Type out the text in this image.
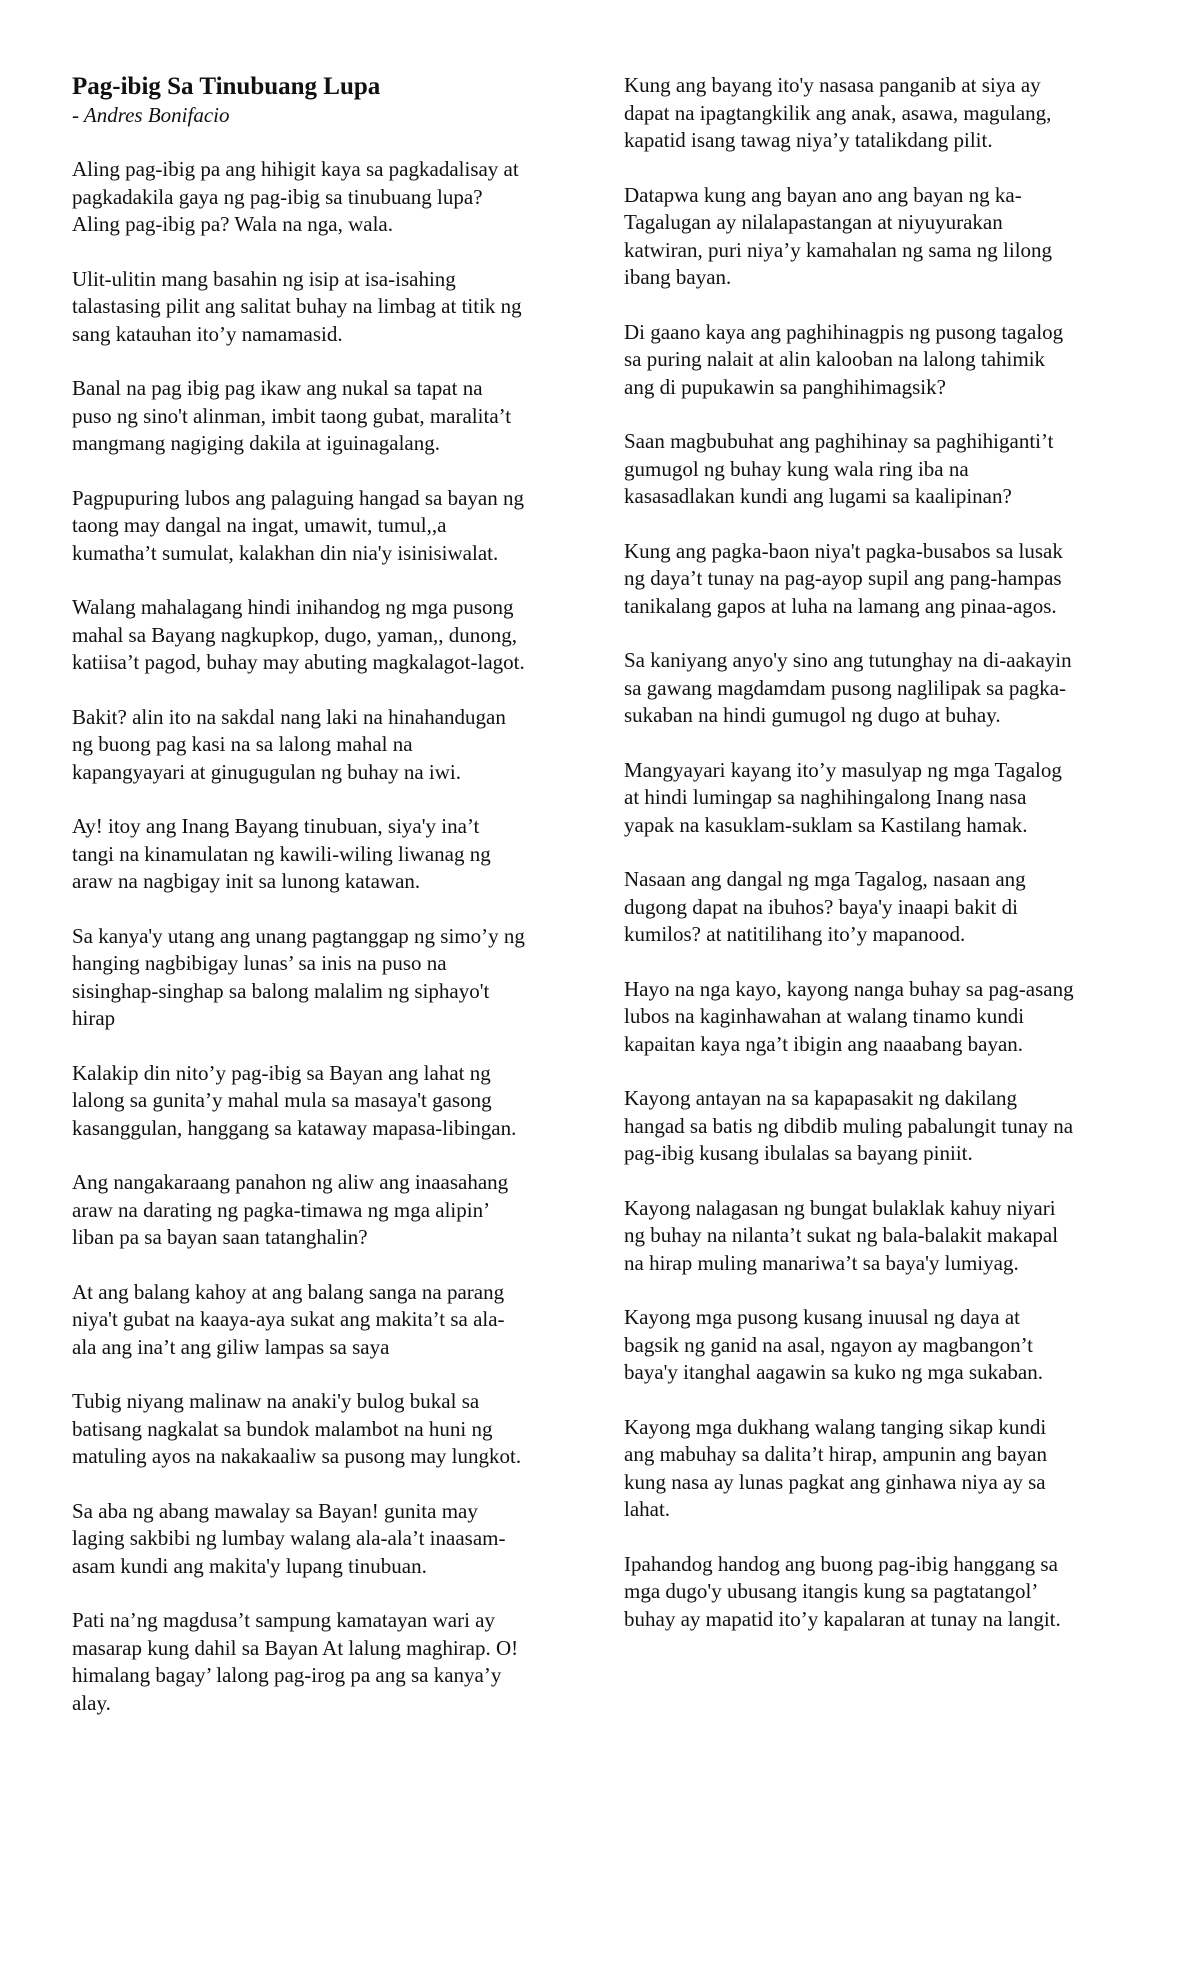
Pag-ibig Sa Tinubuang Lupa
- Andres Bonifacio
Aling pag-ibig pa ang hihigit kaya sa pagkadalisay at
pagkadakila gaya ng pag-ibig sa tinubuang lupa?
Aling pag-ibig pa? Wala na nga, wala.
Ulit-ulitin mang basahin ng isip at isa-isahing
talastasing pilit ang salitat buhay na limbag at titik ng
sang katauhan ito’y namamasid.
Banal na pag ibig pag ikaw ang nukal sa tapat na
puso ng sino't alinman, imbit taong gubat, maralita’t
mangmang nagiging dakila at iguinagalang.
Pagpupuring lubos ang palaguing hangad sa bayan ng
taong may dangal na ingat, umawit, tumul,,a
kumatha’t sumulat, kalakhan din nia'y isinisiwalat.
Walang mahalagang hindi inihandog ng mga pusong
mahal sa Bayang nagkupkop, dugo, yaman,, dunong,
katiisa’t pagod, buhay may abuting magkalagot-lagot.
Bakit? alin ito na sakdal nang laki na hinahandugan
ng buong pag kasi na sa lalong mahal na
kapangyayari at ginugugulan ng buhay na iwi.
Ay! itoy ang Inang Bayang tinubuan, siya'y ina’t
tangi na kinamulatan ng kawili-wiling liwanag ng
araw na nagbigay init sa lunong katawan.
Sa kanya'y utang ang unang pagtanggap ng simo’y ng
hanging nagbibigay lunas’ sa inis na puso na
sisinghap-singhap sa balong malalim ng siphayo't
hirap
Kalakip din nito’y pag-ibig sa Bayan ang lahat ng
lalong sa gunita’y mahal mula sa masaya't gasong
kasanggulan, hanggang sa kataway mapasa-libingan.
Ang nangakaraang panahon ng aliw ang inaasahang
araw na darating ng pagka-timawa ng mga alipin’
liban pa sa bayan saan tatanghalin?
At ang balang kahoy at ang balang sanga na parang
niya't gubat na kaaya-aya sukat ang makita’t sa ala-
ala ang ina’t ang giliw lampas sa saya
Tubig niyang malinaw na anaki'y bulog bukal sa
batisang nagkalat sa bundok malambot na huni ng
matuling ayos na nakakaaliw sa pusong may lungkot.
Sa aba ng abang mawalay sa Bayan! gunita may
laging sakbibi ng lumbay walang ala-ala’t inaasam-
asam kundi ang makita'y lupang tinubuan.
Pati na’ng magdusa’t sampung kamatayan wari ay
masarap kung dahil sa Bayan At lalung maghirap. O!
himalang bagay’ lalong pag-irog pa ang sa kanya’y
alay.
Kung ang bayang ito'y nasasa panganib at siya ay
dapat na ipagtangkilik ang anak, asawa, magulang,
kapatid isang tawag niya’y tatalikdang pilit.
Datapwa kung ang bayan ano ang bayan ng ka-
Tagalugan ay nilalapastangan at niyuyurakan
katwiran, puri niya’y kamahalan ng sama ng lilong
ibang bayan.
Di gaano kaya ang paghihinagpis ng pusong tagalog
sa puring nalait at alin kalooban na lalong tahimik
ang di pupukawin sa panghihimagsik?
Saan magbubuhat ang paghihinay sa paghihiganti’t
gumugol ng buhay kung wala ring iba na
kasasadlakan kundi ang lugami sa kaalipinan?
Kung ang pagka-baon niya't pagka-busabos sa lusak
ng daya’t tunay na pag-ayop supil ang pang-hampas
tanikalang gapos at luha na lamang ang pinaa-agos.
Sa kaniyang anyo'y sino ang tutunghay na di-aakayin
sa gawang magdamdam pusong naglilipak sa pagka-
sukaban na hindi gumugol ng dugo at buhay.
Mangyayari kayang ito’y masulyap ng mga Tagalog
at hindi lumingap sa naghihingalong Inang nasa
yapak na kasuklam-suklam sa Kastilang hamak.
Nasaan ang dangal ng mga Tagalog, nasaan ang
dugong dapat na ibuhos? baya'y inaapi bakit di
kumilos? at natitilihang ito’y mapanood.
Hayo na nga kayo, kayong nanga buhay sa pag-asang
lubos na kaginhawahan at walang tinamo kundi
kapaitan kaya nga’t ibigin ang naaabang bayan.
Kayong antayan na sa kapapasakit ng dakilang
hangad sa batis ng dibdib muling pabalungit tunay na
pag-ibig kusang ibulalas sa bayang piniit.
Kayong nalagasan ng bungat bulaklak kahuy niyari
ng buhay na nilanta’t sukat ng bala-balakit makapal
na hirap muling manariwa’t sa baya'y lumiyag.
Kayong mga pusong kusang inuusal ng daya at
bagsik ng ganid na asal, ngayon ay magbangon’t
baya'y itanghal aagawin sa kuko ng mga sukaban.
Kayong mga dukhang walang tanging sikap kundi
ang mabuhay sa dalita’t hirap, ampunin ang bayan
kung nasa ay lunas pagkat ang ginhawa niya ay sa
lahat.
Ipahandog handog ang buong pag-ibig hanggang sa
mga dugo'y ubusang itangis kung sa pagtatangol’
buhay ay mapatid ito’y kapalaran at tunay na langit.
